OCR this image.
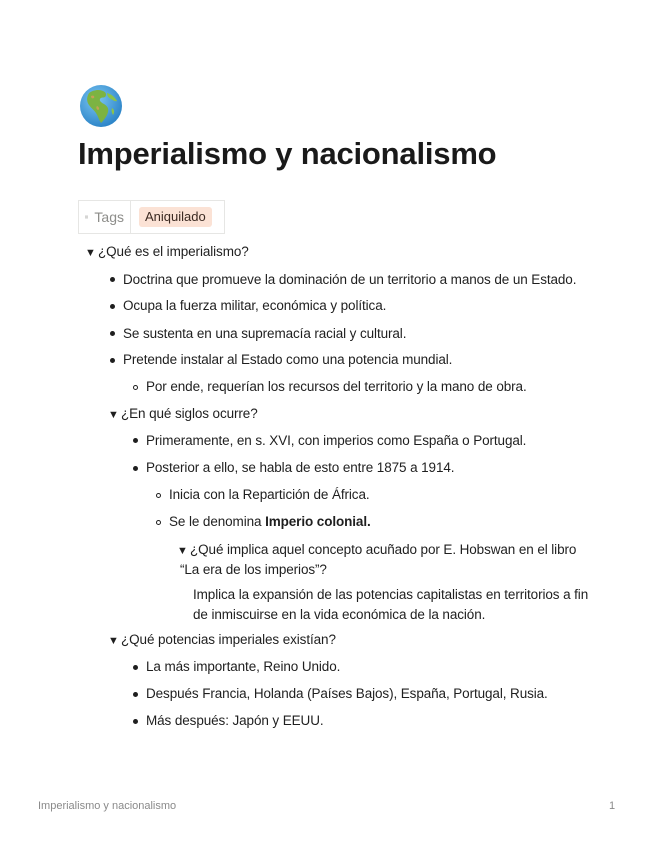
Imperialismo y nacionalismo
Tags	Aniquilado
▼ ¿Qué es el imperialismo?
Doctrina que promueve la dominación de un territorio a manos de un Estado.
Ocupa la fuerza militar, económica y política.
Se sustenta en una supremacía racial y cultural.
Pretende instalar al Estado como una potencia mundial.
Por ende, requerían los recursos del territorio y la mano de obra.
▼ ¿En qué siglos ocurre?
Primeramente, en s. XVI, con imperios como España o Portugal.
Posterior a ello, se habla de esto entre 1875 a 1914.
Inicia con la Repartición de África.
Se le denomina Imperio colonial.
▼ ¿Qué implica aquel concepto acuñado por E. Hobswan en el libro
“La era de los imperios”?
Implica la expansión de las potencias capitalistas en territorios a fin
de inmiscuirse en la vida económica de la nación.
▼ ¿Qué potencias imperiales existían?
La más importante, Reino Unido.
Después Francia, Holanda (Países Bajos), España, Portugal, Rusia.
Más después: Japón y EEUU.
Imperialismo y nacionalismo	1
